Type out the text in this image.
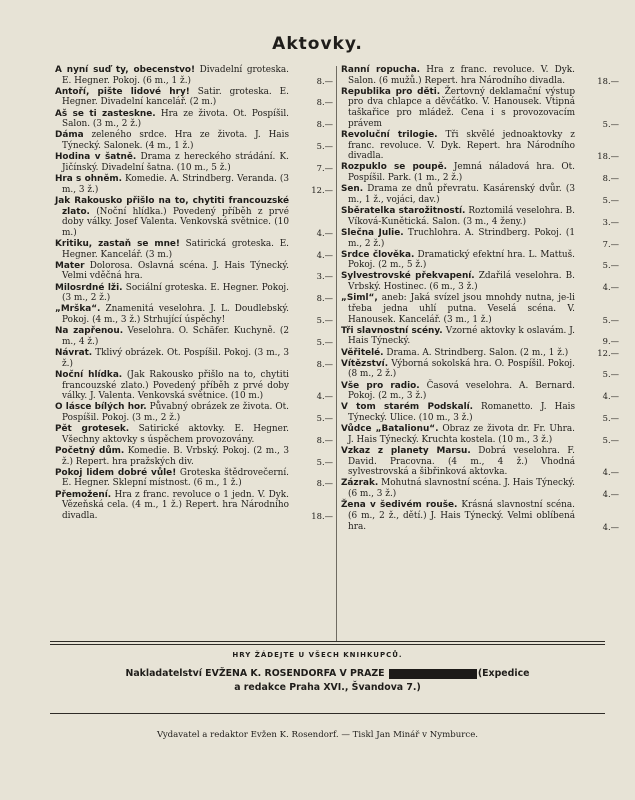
Aktovky.
A nyní suď ty, obecenstvo! Divadelní groteska. E. Hegner. Pokoj. (6 m., 1 ž.)	8.—
Antoří, pište lidové hry! Satir. groteska. E. Hegner. Divadelní kancelář. (2 m.)	8.—
Aš se ti zastesknе. Hra ze života. Ot. Pospíšil. Salon. (3 m., 2 ž.)	8.—
Dáma zeleného srdce. Hra ze života. J. Hais Týnecký. Salonek. (4 m., 1 ž.)	5.—
Hodina v šatně. Drama z hereckého strádání. K. Jičínský. Divadelní šatna. (10 m., 5 ž.)	7.—
Hra s ohněm. Komedie. A. Strindberg. Veranda. (3 m., 3 ž.)	12.—
Jak Rakousko přišlo na to, chytiti francouzské zlato. (Noční hlídka.) Povedený příběh z prvé doby války. Josef Valenta. Venkovská světnice. (10 m.)	4.—
Kritiku, zastaň se mne! Satirická groteska. E. Hegner. Kancelář. (3 m.)	4.—
Mater Dolorosa. Oslavná scéna. J. Hais Týnecký. Velmi vděčná hra.	3.—
Milosrdné lži. Sociální groteska. E. Hegner. Pokoj. (3 m., 2 ž.)	8.—
„Mrška“. Znamenitá veselohra. J. L. Doudlebský. Pokoj. (4 m., 3 ž.) Strhující úspěchy!	5.—
Na zapřenou. Veselohra. O. Schäfer. Kuchyně. (2 m., 4 ž.)	5.—
Návrat. Tklivý obrázek. Ot. Pospíšil. Pokoj. (3 m., 3 ž.)	8.—
Noční hlídka. (Jak Rakousko přišlo na to, chytiti francouzské zlato.) Povedený příběh z prvé doby války. J. Valenta. Venkovská světnice. (10 m.)	4.—
O lásce bílých hor. Půvabný obrázek ze života. Ot. Pospíšil. Pokoj. (3 m., 2 ž.)	5.—
Pět grotesek. Satirické aktovky. E. Hegner. Všechny aktovky s úspěchem provozovány.	8.—
Početný dům. Komedie. B. Vrbský. Pokoj. (2 m., 3 ž.) Repert. hra pražských div.	5.—
Pokoj lidem dobré vůle! Groteska štědrovečerní. E. Hegner. Sklepní místnost. (6 m., 1 ž.)	8.—
Přemožení. Hra z franc. revoluce o 1 jedn. V. Dyk. Vězeňská cela. (4 m., 1 ž.) Repert. hra Národního divadla.	18.—
Ranní ropucha. Hra z franc. revoluce. V. Dyk. Salon. (6 mužů.) Repert. hra Národního divadla.	18.—
Republika pro děti. Žertovný deklamační výstup pro dva chlapce a děvčátko. V. Hanousek. Vtipná taškařice pro mládež. Cena i s provozovacím právem	5.—
Revoluční trilogie. Tři skvělé jednoaktovky z franc. revoluce. V. Dyk. Repert. hra Národního divadla.	18.—
Rozpuklo se poupě. Jemná náladová hra. Ot. Pospíšil. Park. (1 m., 2 ž.)	8.—
Sen. Drama ze dnů převratu. Kasárenský dvůr. (3 m., 1 ž., vojáci, dav.)	5.—
Sběratelka starožitností. Roztomilá veselohra. B. Víková-Kunětická. Salon. (3 m., 4 ženy.)	3.—
Slečna Julie. Truchlohra. A. Strindberg. Pokoj. (1 m., 2 ž.)	7.—
Srdce člověka. Dramatický efektní hra. L. Mattuš. Pokoj. (2 m., 5 ž.)	5.—
Sylvestrovské překvapení. Zdařilá veselohra. B. Vrbský. Hostinec. (6 m., 3 ž.)	4.—
„Siml“, aneb: Jaká svízel jsou mnohdy nutna, je-li třeba jedna uhlí putna. Veselá scéna. V. Hanousek. Kancelář. (3 m., 1 ž.)	5.—
Tři slavnostní scény. Vzorné aktovky k oslavám. J. Hais Týnecký.	9.—
Věřitelé. Drama. A. Strindberg. Salon. (2 m., 1 ž.)	12.—
Vítězství. Výborná sokolská hra. O. Pospíšil. Pokoj. (8 m., 2 ž.)	5.—
Vše pro radio. Časová veselohra. A. Bernard. Pokoj. (2 m., 3 ž.)	4.—
V tom starém Podskalí. Romanetto. J. Hais Týnecký. Ulice. (10 m., 3 ž.)	5.—
Vůdce „Batalionu“. Obraz ze života dr. Fr. Uhra. J. Hais Týnecký. Kruchta kostela. (10 m., 3 ž.)	5.—
Vzkaz z planety Marsu. Dobrá veselohra. F. David. Pracovna. (4 m., 4 ž.) Vhodná sylvestrovská a šibřinková aktovka.	4.—
Zázrak. Mohutná slavnostní scéna. J. Hais Týnecký. (6 m., 3 ž.)	4.—
Žena v šedivém rouše. Krásná slavnostní scéna. (6 m., 2 ž., dětí.) J. Hais Týnecký. Velmi oblíbená hra.	4.—
HRY ŽÁDEJTE U VŠECH KNIHKUPCŮ.
Nakladatelství EVŽENA K. ROSENDORFA V PRAZE	(Expedice
a redakce Praha XVI., Švandova 7.)
Vydavatel a redaktor Evžen K. Rosendorf. — Tiskl Jan Minář v Nymburce.
